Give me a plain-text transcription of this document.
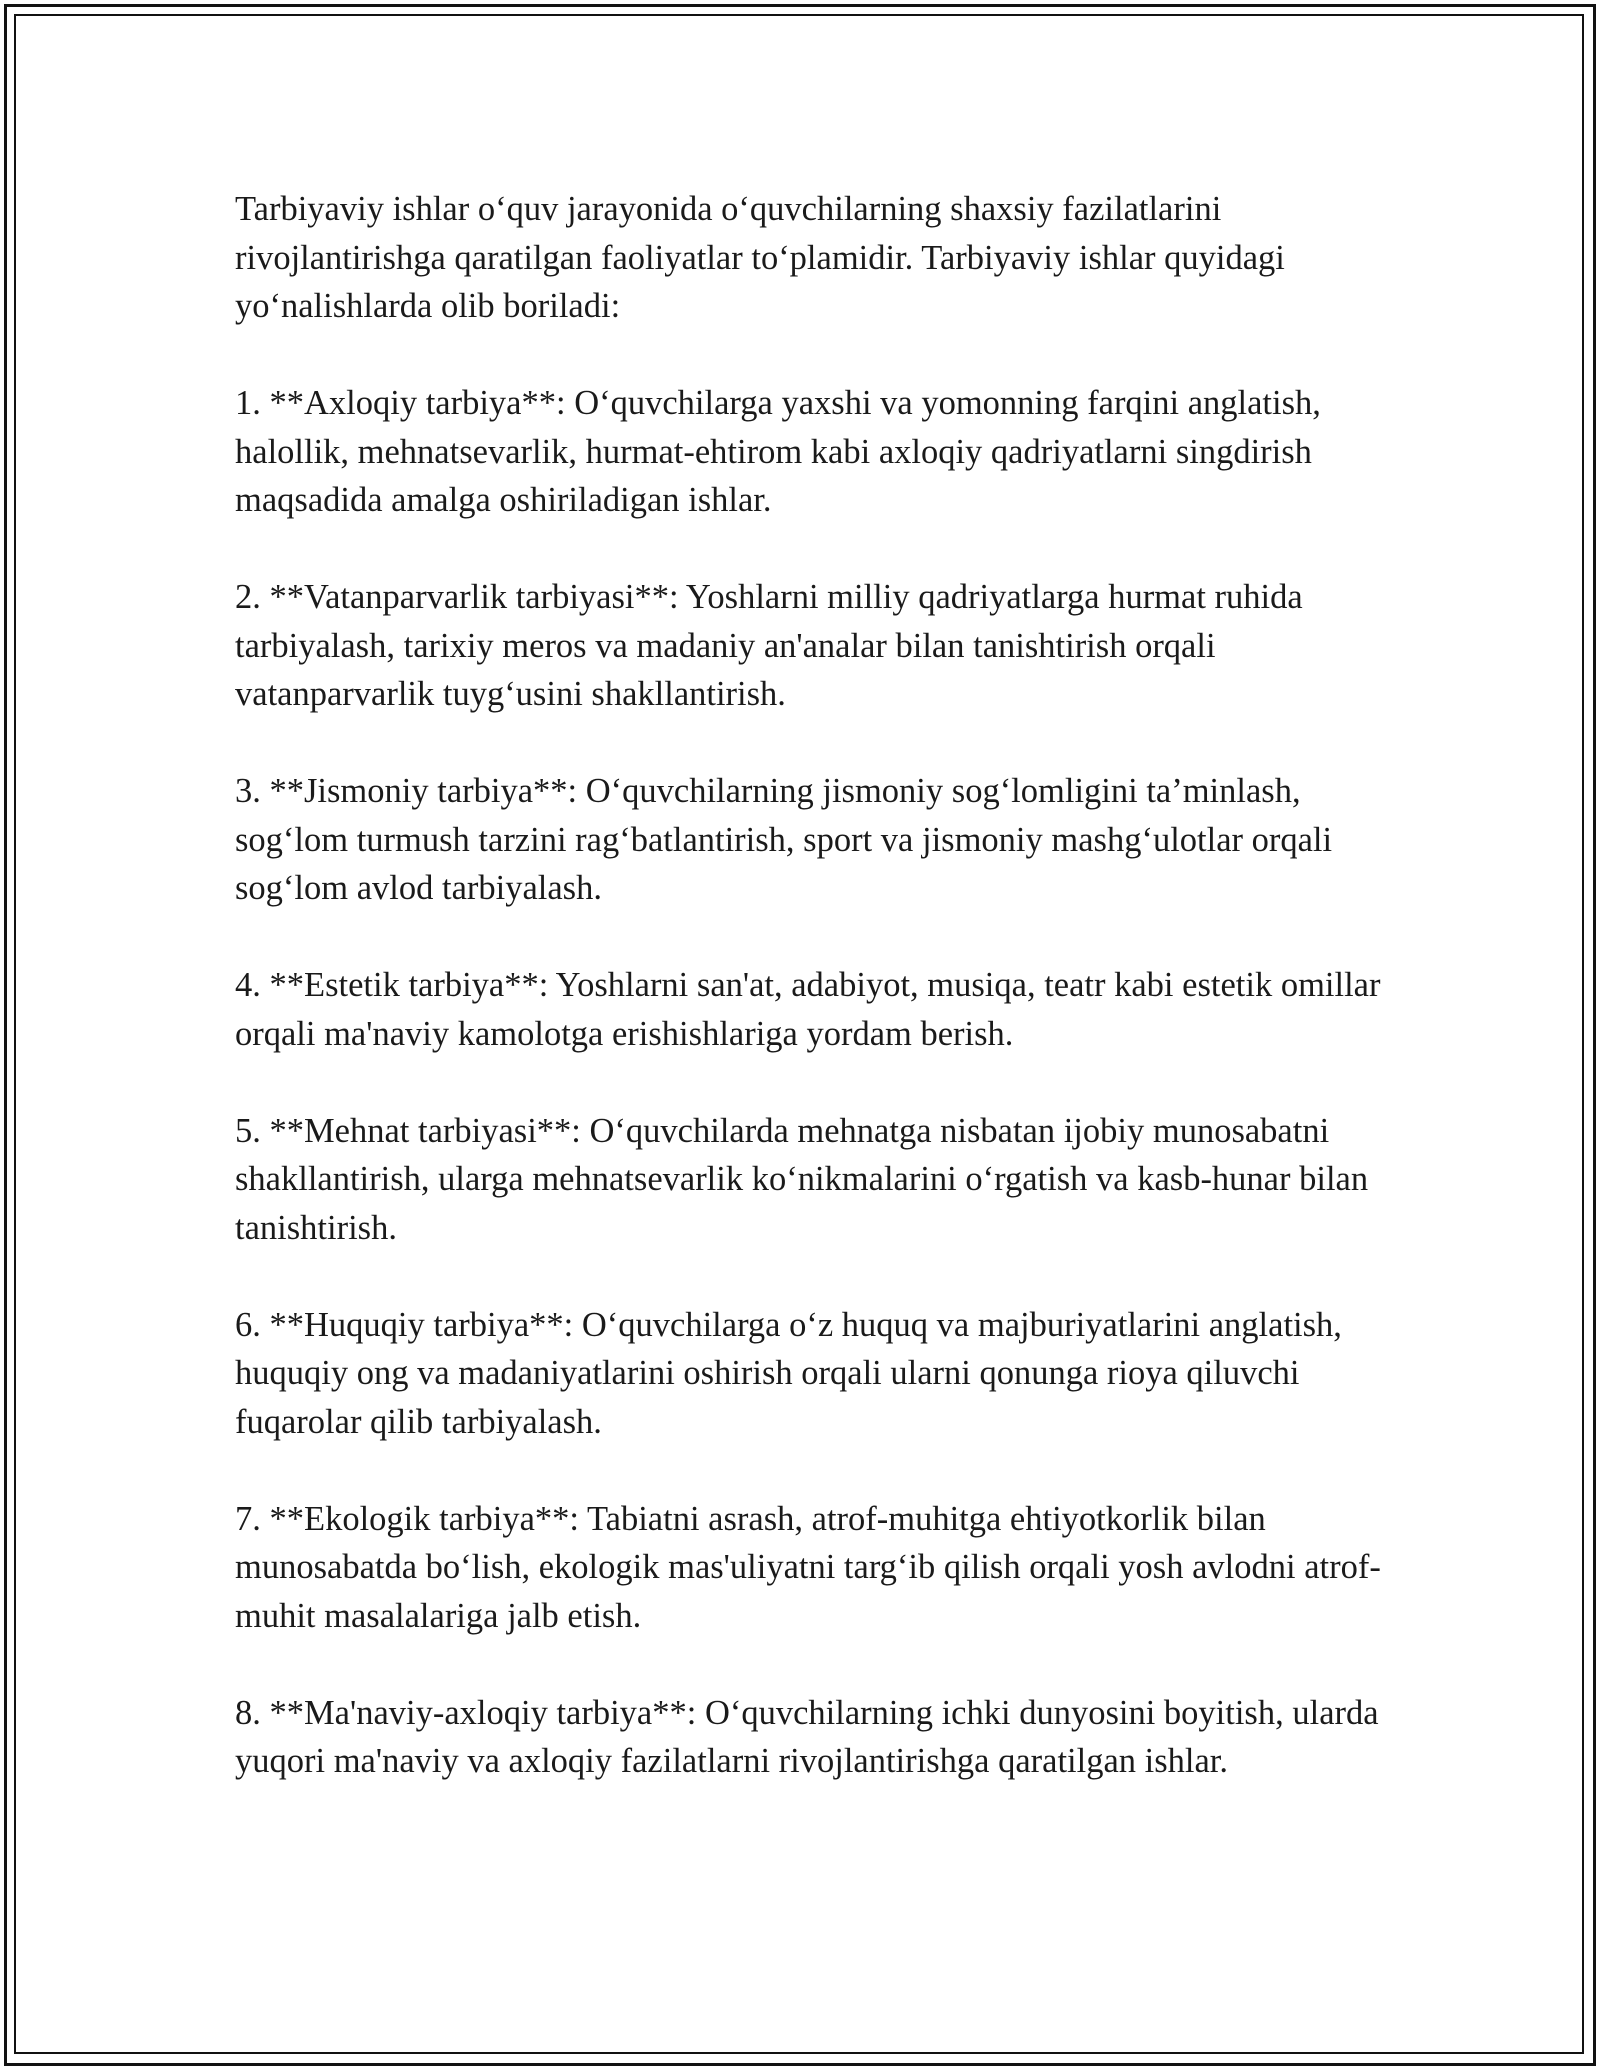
Tarbiyaviy ishlar o‘quv jarayonida o‘quvchilarning shaxsiy fazilatlarini rivojlantirishga qaratilgan faoliyatlar to‘plamidir. Tarbiyaviy ishlar quyidagi yo‘nalishlarda olib boriladi:

1. **Axloqiy tarbiya**: O‘quvchilarga yaxshi va yomonning farqini anglatish, halollik, mehnatsevarlik, hurmat-ehtirom kabi axloqiy qadriyatlarni singdirish maqsadida amalga oshiriladigan ishlar.

2. **Vatanparvarlik tarbiyasi**: Yoshlarni milliy qadriyatlarga hurmat ruhida tarbiyalash, tarixiy meros va madaniy an'analar bilan tanishtirish orqali vatanparvarlik tuyg‘usini shakllantirish.

3. **Jismoniy tarbiya**: O‘quvchilarning jismoniy sog‘lomligini ta’minlash, sog‘lom turmush tarzini rag‘batlantirish, sport va jismoniy mashg‘ulotlar orqali sog‘lom avlod tarbiyalash.

4. **Estetik tarbiya**: Yoshlarni san'at, adabiyot, musiqa, teatr kabi estetik omillar orqali ma'naviy kamolotga erishishlariga yordam berish.

5. **Mehnat tarbiyasi**: O‘quvchilarda mehnatga nisbatan ijobiy munosabatni shakllantirish, ularga mehnatsevarlik ko‘nikmalarini o‘rgatish va kasb-hunar bilan tanishtirish.

6. **Huquqiy tarbiya**: O‘quvchilarga o‘z huquq va majburiyatlarini anglatish, huquqiy ong va madaniyatlarini oshirish orqali ularni qonunga rioya qiluvchi fuqarolar qilib tarbiyalash.

7. **Ekologik tarbiya**: Tabiatni asrash, atrof-muhitga ehtiyotkorlik bilan munosabatda bo‘lish, ekologik mas'uliyatni targ‘ib qilish orqali yosh avlodni atrof-muhit masalalariga jalb etish.

8. **Ma'naviy-axloqiy tarbiya**: O‘quvchilarning ichki dunyosini boyitish, ularda yuqori ma'naviy va axloqiy fazilatlarni rivojlantirishga qaratilgan ishlar.
